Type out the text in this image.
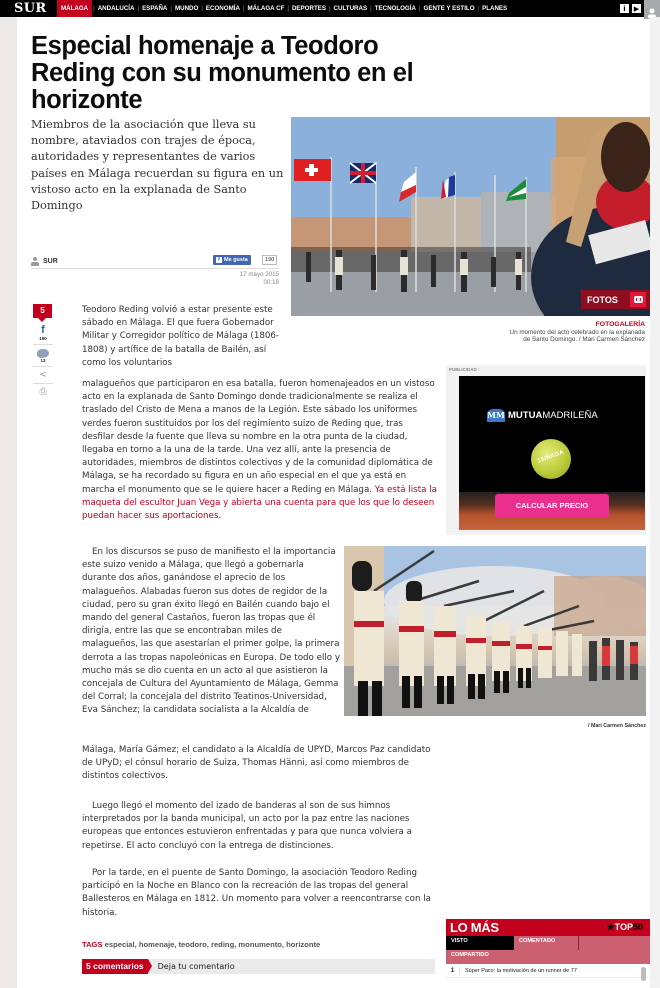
SUR	MÁLAGA | ANDALUCÍA | ESPAÑA | MUNDO | ECONOMÍA | MÁLAGA CF | DEPORTES | CULTURAS | TECNOLOGÍA | GENTE Y ESTILO | PLANES	i	▶
Especial homenaje a Teodoro Reding con su monumento en el horizonte

Miembros de la asociación que lleva su nombre, ataviados con trajes de época, autoridades y representantes de varios países en Málaga recuerdan su figura en un vistoso acto en la explanada de Santo Domingo

SUR	f Me gusta	190
17 mayo 2015
00:18
FOTOS
FOTOGALERÍA
Un momento del acto celebrado en la explanada de Santo Domingo. / Mari Carmen Sánchez
5
f
190
13
<
⎙

Teodoro Reding volvió a estar presente este sábado en Málaga. El que fuera Gobernador Militar y Corregidor político de Málaga (1806-1808) y artífice de la batalla de Bailén, así como los voluntarios

malagueños que participaron en esa batalla, fueron homenajeados en un vistoso acto en la explanada de Santo Domingo donde tradicionalmente se realiza el traslado del Cristo de Mena a manos de la Legión. Este sábado los uniformes verdes fueron sustituidos por los del regimiento suizo de Reding que, tras desfilar desde la fuente que lleva su nombre en la otra punta de la ciudad, llegaba en torno a la una de la tarde. Una vez allí, ante la presencia de autoridades, miembros de distintos colectivos y de la comunidad diplomática de Málaga, se ha recordado su figura en un año especial en el que ya está en marcha el monumento que se le quiere hacer a Reding en Málaga. Ya está lista la maqueta del escultor Juan Vega y abierta una cuenta para que los que lo deseen puedan hacer sus aportaciones.

PUBLICIDAD
MM MUTUAMADRILEÑA
15/NADA
CALCULAR PRECIO
/ Mari Carmen Sánchez

En los discursos se puso de manifiesto el la importancia este suizo venido a Málaga, que llegó a gobernarla durante dos años, ganándose el aprecio de los malagueños. Alabadas fueron sus dotes de regidor de la ciudad, pero su gran éxito llegó en Bailén cuando bajo el mando del general Castaños, fueron las tropas que él dirigía, entre las que se encontraban miles de malagueños, las que asestarían el primer golpe, la primera derrota a las tropas napoleónicas en Europa. De todo ello y mucho más se dio cuenta en un acto al que asistieron la concejala de Cultura del Ayuntamiento de Málaga, Gemma del Corral; la concejala del distrito Teatinos-Universidad, Eva Sánchez; la candidata socialista a la Alcaldía de

Málaga, María Gámez; el candidato a la Alcaldía de UPYD, Marcos Paz candidato de UPyD; el cónsul horario de Suiza, Thomas Hänni, así como miembros de distintos colectivos.

Luego llegó el momento del izado de banderas al son de sus himnos interpretados por la banda municipal, un acto por la paz entre las naciones europeas que entonces estuvieron enfrentadas y para que nunca volviera a repetirse. El acto concluyó con la entrega de distinciones.

Por la tarde, en el puente de Santo Domingo, la asociación Teodoro Reding participó en la Noche en Blanco con la recreación de las tropas del general Ballesteros en Málaga en 1812. Un momento para volver a reencontrarse con la historia.

TAGS especial, homenaje, teodoro, reding, monumento, horizonte
5 comentarios	Deja tu comentario
LO MÁS	★TOP50
VISTO	COMENTADO
COMPARTIDO
1	Súper Paco: la motivación de un runner de 77
